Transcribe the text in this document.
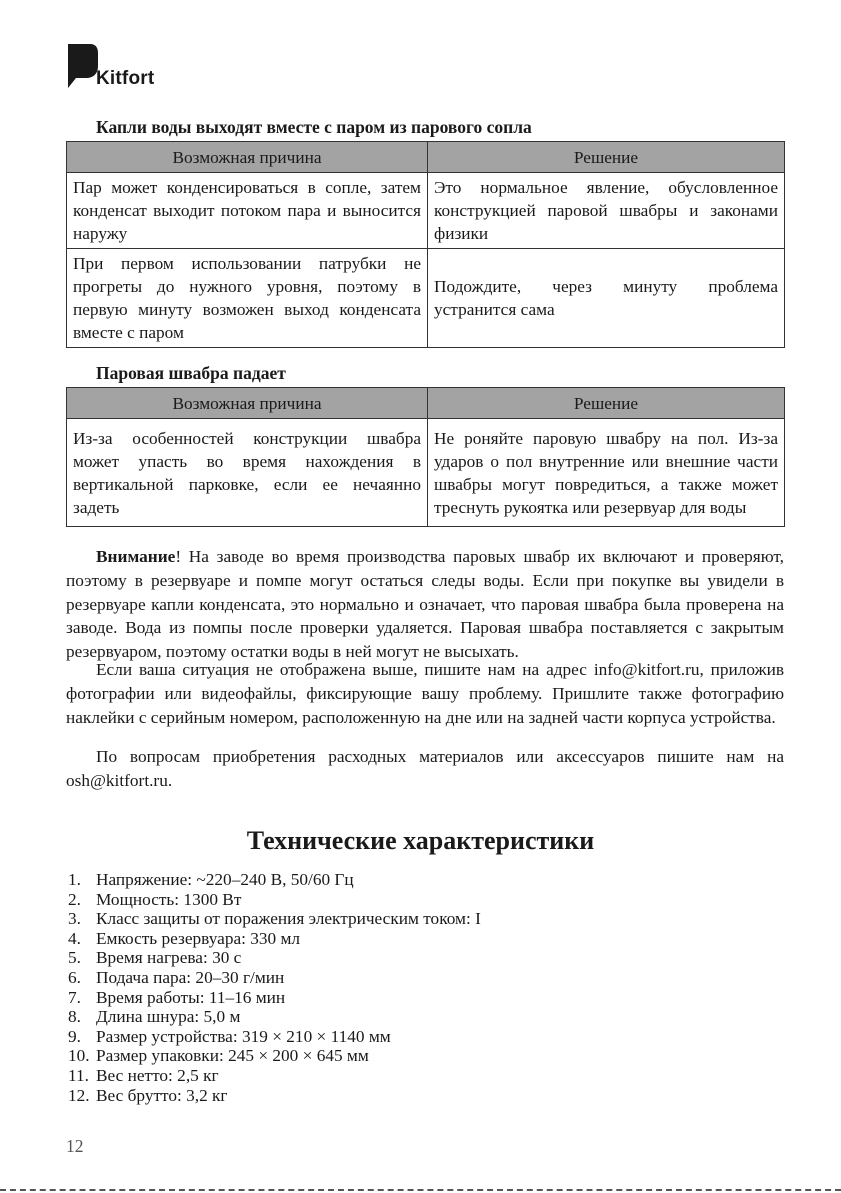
Kitfort
Капли воды выходят вместе с паром из парового сопла
Возможная причина	Решение
Пар может конденсироваться в сопле, затем конденсат выходит потоком пара и выносится наружу	Это нормальное явление, обусловленное конструкцией паровой швабры и законами физики
При первом использовании патрубки не прогреты до нужного уровня, поэтому в первую минуту возможен выход конденсата вместе с паром	Подождите, через минуту проблема устранится сама
Паровая швабра падает
Возможная причина	Решение
Из-за особенностей конструкции швабра может упасть во время нахождения в вертикальной парковке, если ее нечаянно задеть	Не роняйте паровую швабру на пол. Из-за ударов о пол внутренние или внешние части швабры могут повредиться, а также может треснуть рукоятка или резервуар для воды

Внимание! На заводе во время производства паровых швабр их включают и проверяют, поэтому в резервуаре и помпе могут остаться следы воды. Если при покупке вы увидели в резервуаре капли конденсата, это нормально и означает, что паровая швабра была проверена на заводе. Вода из помпы после проверки удаляется. Паровая швабра поставляется с закрытым резервуаром, поэтому остатки воды в ней могут не высыхать.

Если ваша ситуация не отображена выше, пишите нам на адрес info@kitfort.ru, приложив фотографии или видеофайлы, фиксирующие вашу проблему. Пришлите также фотографию наклейки с серийным номером, расположенную на дне или на задней части корпуса устройства.

По вопросам приобретения расходных материалов или аксессуаров пишите нам на osh@kitfort.ru.

Технические характеристики
1. Напряжение: ~220–240 В, 50/60 Гц
2. Мощность: 1300 Вт
3. Класс защиты от поражения электрическим током: I
4. Емкость резервуара: 330 мл
5. Время нагрева: 30 с
6. Подача пара: 20–30 г/мин
7. Время работы: 11–16 мин
8. Длина шнура: 5,0 м
9. Размер устройства: 319 × 210 × 1140 мм
10. Размер упаковки: 245 × 200 × 645 мм
11. Вес нетто: 2,5 кг
12. Вес брутто: 3,2 кг
12
